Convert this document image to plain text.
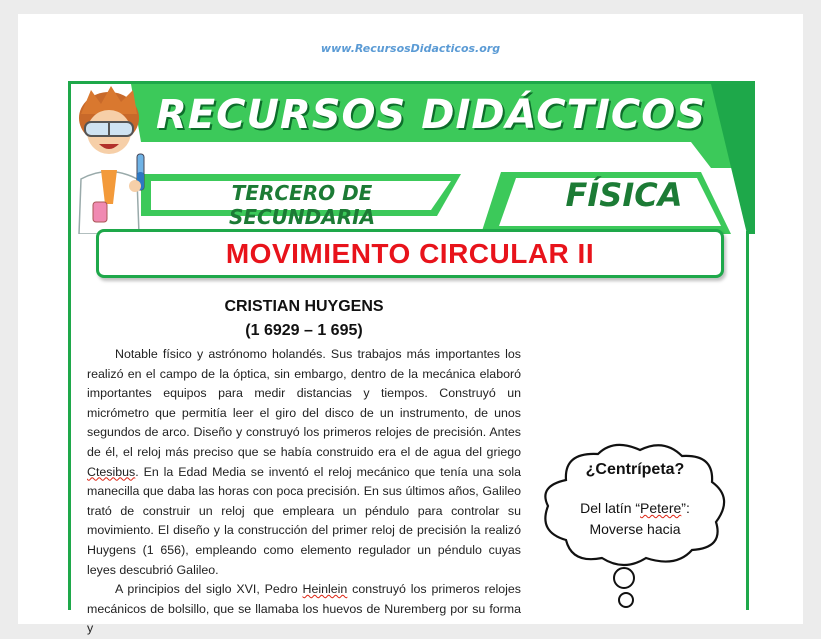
www.RecursosDidacticos.org
RECURSOS DIDÁCTICOS
TERCERO DE SECUNDARIA
FÍSICA
MOVIMIENTO CIRCULAR II
CRISTIAN HUYGENS
(1 6929 – 1 695)

Notable físico y astrónomo holandés. Sus trabajos más importantes los realizó en el campo de la óptica, sin embargo, dentro de la mecánica elaboró importantes equipos para medir distancias y tiempos. Construyó un micrómetro que permitía leer el giro del disco de un instrumento, de unos segundos de arco. Diseño y construyó los primeros relojes de precisión. Antes de él, el reloj más preciso que se había construido era el de agua del griego Ctesibus. En la Edad Media se inventó el reloj mecánico que tenía una sola manecilla que daba las horas con poca precisión. En sus últimos años, Galileo trató de construir un reloj que empleara un péndulo para controlar su movimiento. El diseño y la construcción del primer reloj de precisión la realizó Huygens (1 656), empleando como elemento regulador un péndulo cuyas leyes descubrió Galileo.

A principios del siglo XVI, Pedro Heinlein construyó los primeros relojes mecánicos de bolsillo, que se llamaba los huevos de Nuremberg por su forma y

¿Centrípeta?
Del latín “Petere”:
Moverse hacia
